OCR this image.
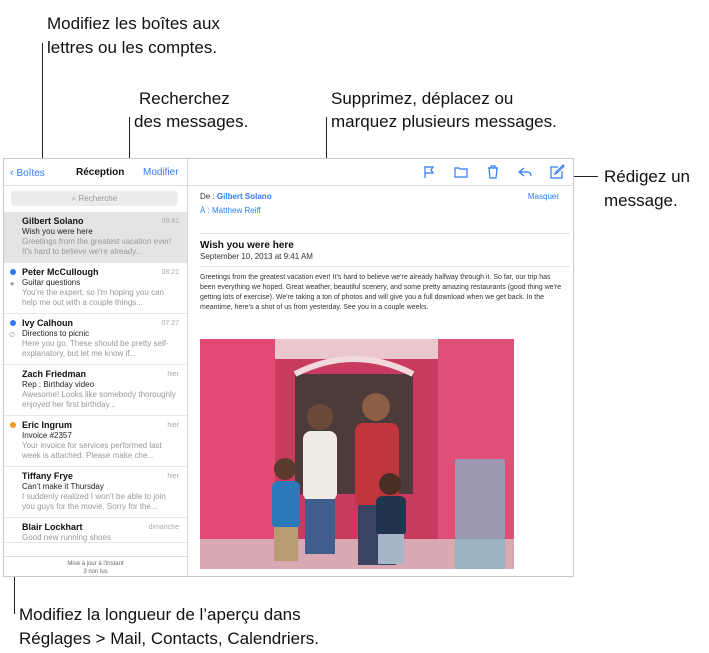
Modifiez les boîtes aux
lettres ou les comptes.
Recherchez
des messages.
Supprimez, déplacez ou
marquez plusieurs messages.
Rédigez un
message.
Modifiez la longueur de l’aperçu dans
Réglages > Mail, Contacts, Calendriers.
‹ Boîtes	Réception Modifier
⌕ Recherche
Gilbert Solano	09:41
Wish you were here
Greetings from the greatest vacation ever! It's hard to believe we're already...
★
Peter McCullough	08:21
Guitar questions
You're the expert, so I'm hoping you can help me out with a couple things...
∅
Ivy Calhoun	07:27
Directions to picnic
Here you go. These should be pretty self-explanatory, but let me know if...
Zach Friedman	hier
Rep : Birthday video
Awesome! Looks like somebody thoroughly enjoyed her first birthday...
Eric Ingrum	hier
Invoice #2357
Your invoice for services performed last week is attached. Please make che...
Tiffany Frye	hier
Can't make it Thursday
I suddenly realized I won't be able to join you guys for the movie. Sorry for the...
Blair Lockhart	dimanche
Good new running shoes
Mise à jour à l'instant
3 non lus
De : Gilbert Solano
À : Matthew Reiff
Masquer
Wish you were here
September 10, 2013 at 9:41 AM
Greetings from the greatest vacation ever! It's hard to believe we're already halfway through it. So far, our trip has been everything we hoped. Great weather, beautiful scenery, and some pretty amazing restaurants (good thing we're getting lots of exercise). We're taking a ton of photos and will give you a full download when we get back. In the meantime, here's a shot of us from yesterday. See you in a couple weeks.
